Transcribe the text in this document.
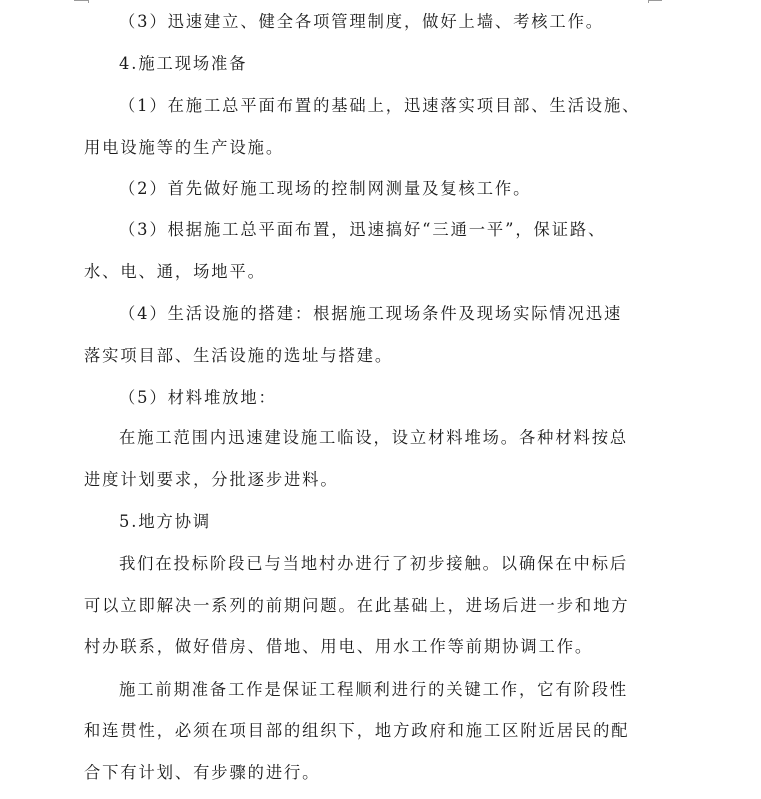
（3）迅速建立、健全各项管理制度，做好上墙、考核工作。
4.施工现场准备
（1）在施工总平面布置的基础上，迅速落实项目部、生活设施、
用电设施等的生产设施。
（2）首先做好施工现场的控制网测量及复核工作。
（3）根据施工总平面布置，迅速搞好“三通一平”，保证路、
水、电、通，场地平。
（4）生活设施的搭建：根据施工现场条件及现场实际情况迅速
落实项目部、生活设施的选址与搭建。
（5）材料堆放地：
在施工范围内迅速建设施工临设，设立材料堆场。各种材料按总
进度计划要求，分批逐步进料。
5.地方协调
我们在投标阶段已与当地村办进行了初步接触。以确保在中标后
可以立即解决一系列的前期问题。在此基础上，进场后进一步和地方
村办联系，做好借房、借地、用电、用水工作等前期协调工作。
施工前期准备工作是保证工程顺利进行的关键工作，它有阶段性
和连贯性，必须在项目部的组织下，地方政府和施工区附近居民的配
合下有计划、有步骤的进行。
